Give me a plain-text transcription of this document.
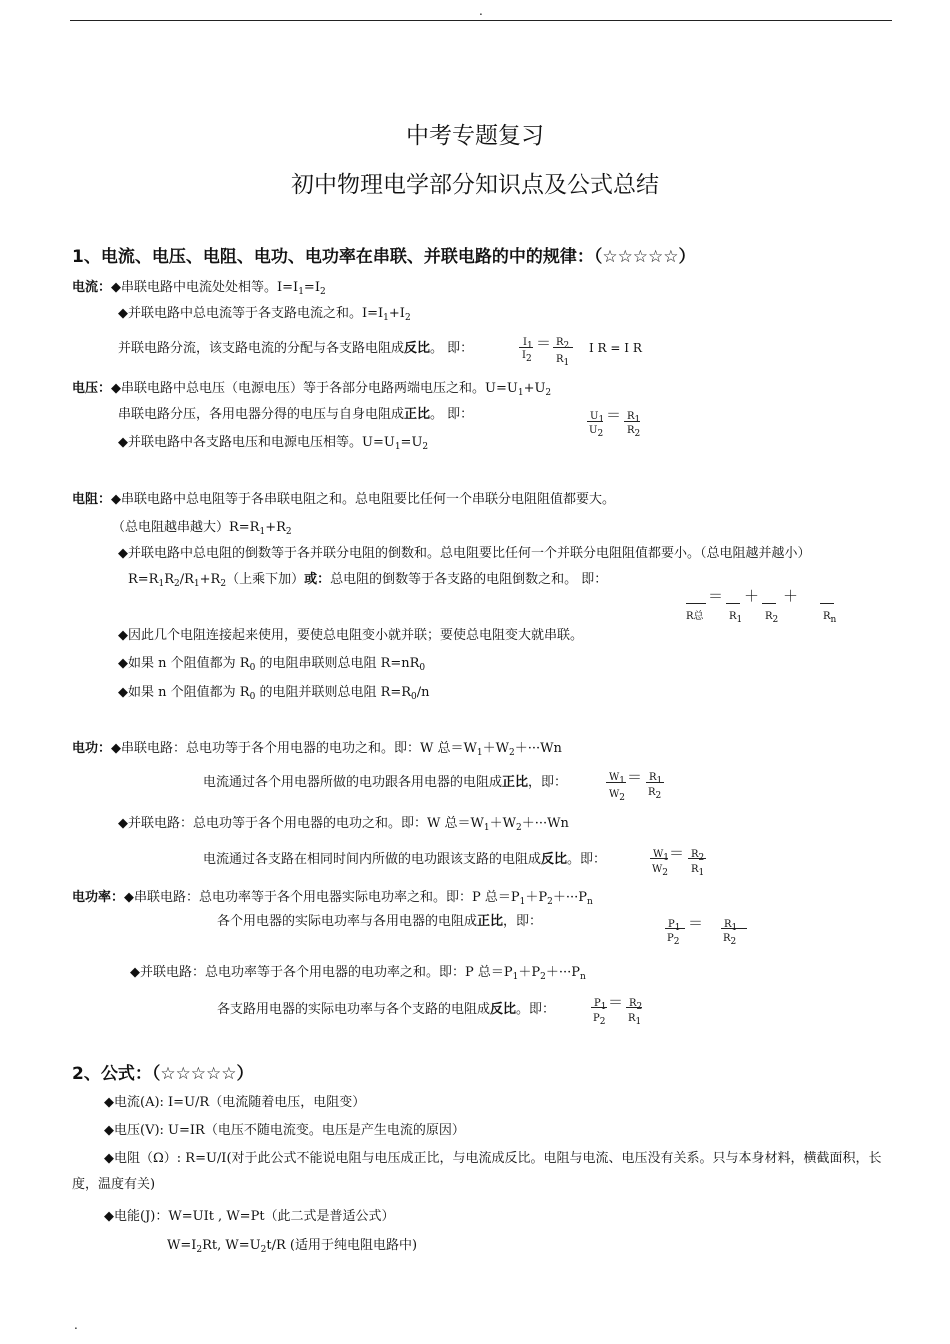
.
.
中考专题复习
初中物理电学部分知识点及公式总结
1、电流、电压、电阻、电功、电功率在串联、并联电路的中的规律：（☆☆☆☆☆）
电流：◆串联电路中电流处处相等。$I=I_1=I_2$
◆并联电路中总电流等于各支路电流之和。$I=I_1+I_2$
并联电路分流，该支路电流的分配与各支路电阻成反比。 即：	$I_1$
$I_2$
＝ $R_2$
$R_1$
I R = I R
电压：◆串联电路中总电压（电源电压）等于各部分电路两端电压之和。$U=U_1+U_2$
串联电路分压，各用电器分得的电压与自身电阻成正比。 即：	$U_1$
$U_2$
＝ $R_1$
$R_2$
◆并联电路中各支路电压和电源电压相等。$U=U_1=U_2$
电阻：◆串联电路中总电阻等于各串联电阻之和。总电阻要比任何一个串联分电阻阻值都要大。
（总电阻越串越大）$R=R_1+R_2$
◆并联电路中总电阻的倒数等于各并联分电阻的倒数和。总电阻要比任何一个并联分电阻阻值都要小。（总电阻越并越小）
$R=R_1R_2/R_1+R_2$（上乘下加）或：总电阻的倒数等于各支路的电阻倒数之和。 即：
R总
＝
$R_1$
＋
$R_2$
＋
$R_n$
◆因此几个电阻连接起来使用，要使总电阻变小就并联；要使总电阻变大就串联。
◆如果 n 个阻值都为 $R_0$ 的电阻串联则总电阻 $R=nR_0$
◆如果 n 个阻值都为 $R_0$ 的电阻并联则总电阻 $R=R_0/n$
电功：◆串联电路：总电功等于各个用电器的电功之和。即：W 总$=W_1+W_2+\cdot\cdot\cdot Wn$
电流通过各个用电器所做的电功跟各用电器的电阻成正比，即：	$W_1$
$W_2$
＝ $R_1$
$R_2$
◆并联电路：总电功等于各个用电器的电功之和。即：W 总$=W_1+W_2+\cdot\cdot\cdot Wn$
电流通过各支路在相同时间内所做的电功跟该支路的电阻成反比。即：	$W_1$
$W_2$
＝ $R_2$
$R_1$
电功率：◆串联电路：总电功率等于各个用电器实际电功率之和。即：P 总$=P_1+P_2+\cdot\cdot\cdot P_n$
各个用电器的实际电功率与各用电器的电阻成正比，即：	$P_1$
$P_2$
＝ $R_1$
$R_2$
◆并联电路：总电功率等于各个用电器的电功率之和。即：P 总$=P_1+P_2+\cdot\cdot\cdot P_n$
各支路用电器的实际电功率与各个支路的电阻成反比。即：	$P_1$
$P_2$
＝ $R_2$
$R_1$
2、公式：（☆☆☆☆☆）
◆电流(A): I=U/R（电流随着电压，电阻变）
◆电压(V): U=IR（电压不随电流变。电压是产生电流的原因）
◆电阻（Ω）: R=U/I(对于此公式不能说电阻与电压成正比，与电流成反比。电阻与电流、电压没有关系。只与本身材料，横截面积，长度，温度有关)
◆电能(J)：W=UIt , W=Pt（此二式是普适公式）
$W=I_2Rt$, $W=U_2t/R$ (适用于纯电阻电路中)
